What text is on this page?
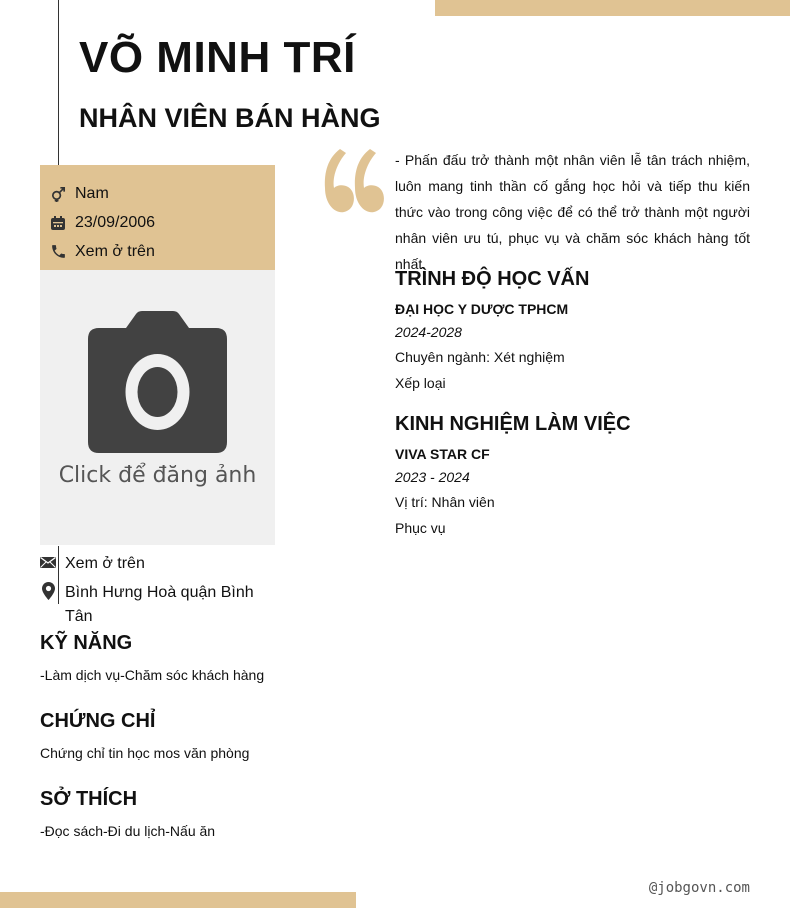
VÕ MINH TRÍ
NHÂN VIÊN BÁN HÀNG
Nam
23/09/2006
Xem ở trên
Click để đăng ảnh
Xem ở trên
Bình Hưng Hoà quận Bình Tân
KỸ NĂNG

-Làm dịch vụ-Chăm sóc khách hàng

CHỨNG CHỈ

Chứng chỉ tin học mos văn phòng

SỞ THÍCH

-Đọc sách-Đi du lịch-Nấu ăn

- Phấn đấu trở thành một nhân viên lễ tân trách nhiệm, luôn mang tinh thần cố gắng học hỏi và tiếp thu kiến thức vào trong công việc để có thể trở thành một người nhân viên ưu tú, phục vụ và chăm sóc khách hàng tốt nhất.

TRÌNH ĐỘ HỌC VẤN

ĐẠI HỌC Y DƯỢC TPHCM

2024-2028

Chuyên ngành: Xét nghiệm

Xếp loại

KINH NGHIỆM LÀM VIỆC

VIVA STAR CF

2023 - 2024

Vị trí: Nhân viên

Phục vụ

@jobgovn.com
